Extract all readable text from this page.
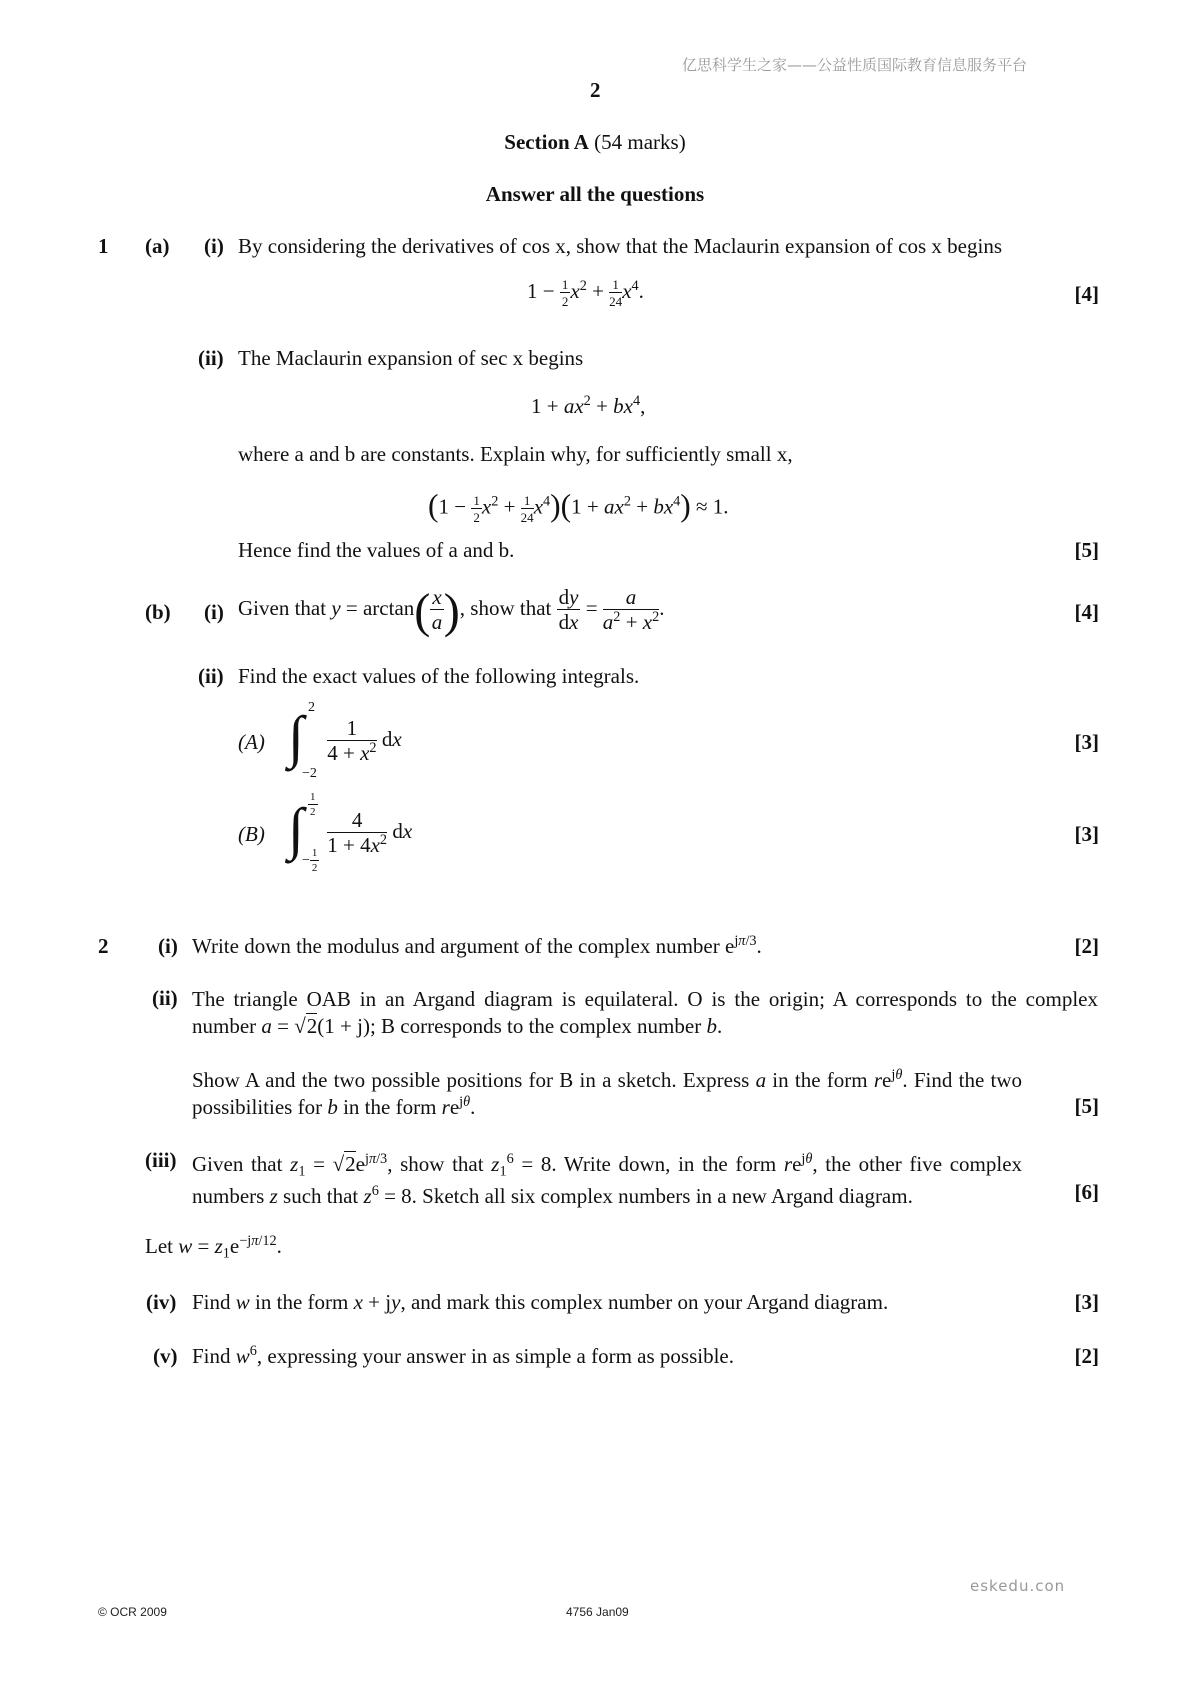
亿思科学生之家——公益性质国际教育信息服务平台
2
Section A (54 marks)
Answer all the questions
1 (a) (i) By considering the derivatives of cos x, show that the Maclaurin expansion of cos x begins
$1 - \frac{1}{2} x^2 + \frac{1}{24} x^4$.	[4]
(ii) The Maclaurin expansion of sec x begins
$1 + ax^2 + bx^4$,
where a and b are constants. Explain why, for sufficiently small x,
$(1 - \frac{1}{2} x^2 + \frac{1}{24} x^4)(1 + ax^2 + bx^4) \approx 1$.
Hence find the values of a and b.	[5]
(b) (i) Given that $y = \arctan( \frac{x}{a}$ ), show that $\frac{dy}{dx} = \frac{a}{a^2 + x^2}$ .	[4]
(ii) Find the exact values of the following integrals.
(A) ∫ 2
−2

$\frac{1}{4 + x^2}$ dx	[3]
(B) ∫ $\frac{1}{2}$
− $\frac{1}{2}$

$\frac{4}{1 + 4x^2}$ dx	[3]
2 (i) Write down the modulus and argument of the complex number $e^{j\pi/3}$.	[2]
(ii) The triangle OAB in an Argand diagram is equilateral. O is the origin; A corresponds to the complex number a = √2(1 + j); B corresponds to the complex number b.
Show A and the two possible positions for B in a sketch. Express a in the form $re^{j\theta}$. Find the two possibilities for b in the form $re^{j\theta}$.	[5]
(iii) Given that $z_1 = √2e^{j\pi/3}$, show that $z_1^6 = 8$. Write down, in the form $re^{j\theta}$, the other five complex numbers z such that $z^6 = 8$. Sketch all six complex numbers in a new Argand diagram.	[6]
Let $w = z_1e^{-j\pi/12}$.
(iv) Find w in the form x + jy, and mark this complex number on your Argand diagram.	[3]
(v) Find $w^6$, expressing your answer in as simple a form as possible.	[2]
eskedu.con
© OCR 2009	4756 Jan09
